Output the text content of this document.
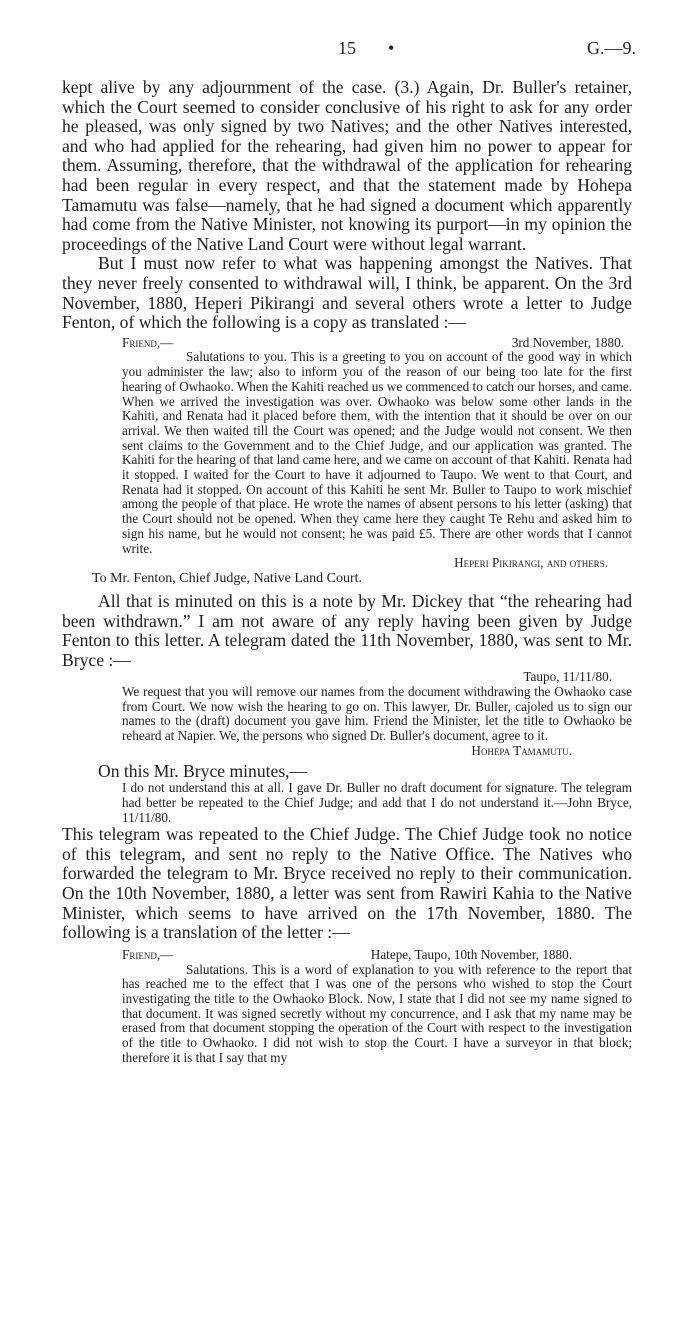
15 •	G.—9.

kept alive by any adjournment of the case. (3.) Again, Dr. Buller's retainer, which the Court seemed to consider conclusive of his right to ask for any order he pleased, was only signed by two Natives; and the other Natives interested, and who had applied for the rehearing, had given him no power to appear for them. Assuming, therefore, that the withdrawal of the application for rehearing had been regular in every respect, and that the statement made by Hohepa Tamamutu was false—namely, that he had signed a document which apparently had come from the Native Minister, not knowing its purport—in my opinion the proceedings of the Native Land Court were without legal warrant.

But I must now refer to what was happening amongst the Natives. That they never freely consented to withdrawal will, I think, be apparent. On the 3rd November, 1880, Heperi Pikirangi and several others wrote a letter to Judge Fenton, of which the following is a copy as translated :—

Friend,—	3rd November, 1880.
Salutations to you. This is a greeting to you on account of the good way in which you administer the law; also to inform you of the reason of our being too late for the first hearing of Owhaoko. When the Kahiti reached us we commenced to catch our horses, and came. When we arrived the investigation was over. Owhaoko was below some other lands in the Kahiti, and Renata had it placed before them, with the intention that it should be over on our arrival. We then waited till the Court was opened; and the Judge would not consent. We then sent claims to the Government and to the Chief Judge, and our application was granted. The Kahiti for the hearing of that land came here, and we came on account of that Kahiti. Renata had it stopped. I waited for the Court to have it adjourned to Taupo. We went to that Court, and Renata had it stopped. On account of this Kahiti he sent Mr. Buller to Taupo to work mischief among the people of that place. He wrote the names of absent persons to his letter (asking) that the Court should not be opened. When they came here they caught Te Rehu and asked him to sign his name, but he would not consent; he was paid £5. There are other words that I cannot write.
Heperi Pikirangi, and others.
To Mr. Fenton, Chief Judge, Native Land Court.

All that is minuted on this is a note by Mr. Dickey that “the rehearing had been withdrawn.” I am not aware of any reply having been given by Judge Fenton to this letter. A telegram dated the 11th November, 1880, was sent to Mr. Bryce :—

Taupo, 11/11/80.
We request that you will remove our names from the document withdrawing the Owhaoko case from Court. We now wish the hearing to go on. This lawyer, Dr. Buller, cajoled us to sign our names to the (draft) document you gave him. Friend the Minister, let the title to Owhaoko be reheard at Napier. We, the persons who signed Dr. Buller's document, agree to it.
Hohepa Tamamutu.

On this Mr. Bryce minutes,—

I do not understand this at all. I gave Dr. Buller no draft document for signature. The telegram had better be repeated to the Chief Judge; and add that I do not understand it.—John Bryce, 11/11/80.

This telegram was repeated to the Chief Judge. The Chief Judge took no notice of this telegram, and sent no reply to the Native Office. The Natives who forwarded the telegram to Mr. Bryce received no reply to their communication. On the 10th November, 1880, a letter was sent from Rawiri Kahia to the Native Minister, which seems to have arrived on the 17th November, 1880. The following is a translation of the letter :—

Friend,—	Hatepe, Taupo, 10th November, 1880.
Salutations. This is a word of explanation to you with reference to the report that has reached me to the effect that I was one of the persons who wished to stop the Court investigating the title to the Owhaoko Block. Now, I state that I did not see my name signed to that document. It was signed secretly without my concurrence, and I ask that my name may be erased from that document stopping the operation of the Court with respect to the investigation of the title to Owhaoko. I did not wish to stop the Court. I have a surveyor in that block; therefore it is that I say that my
